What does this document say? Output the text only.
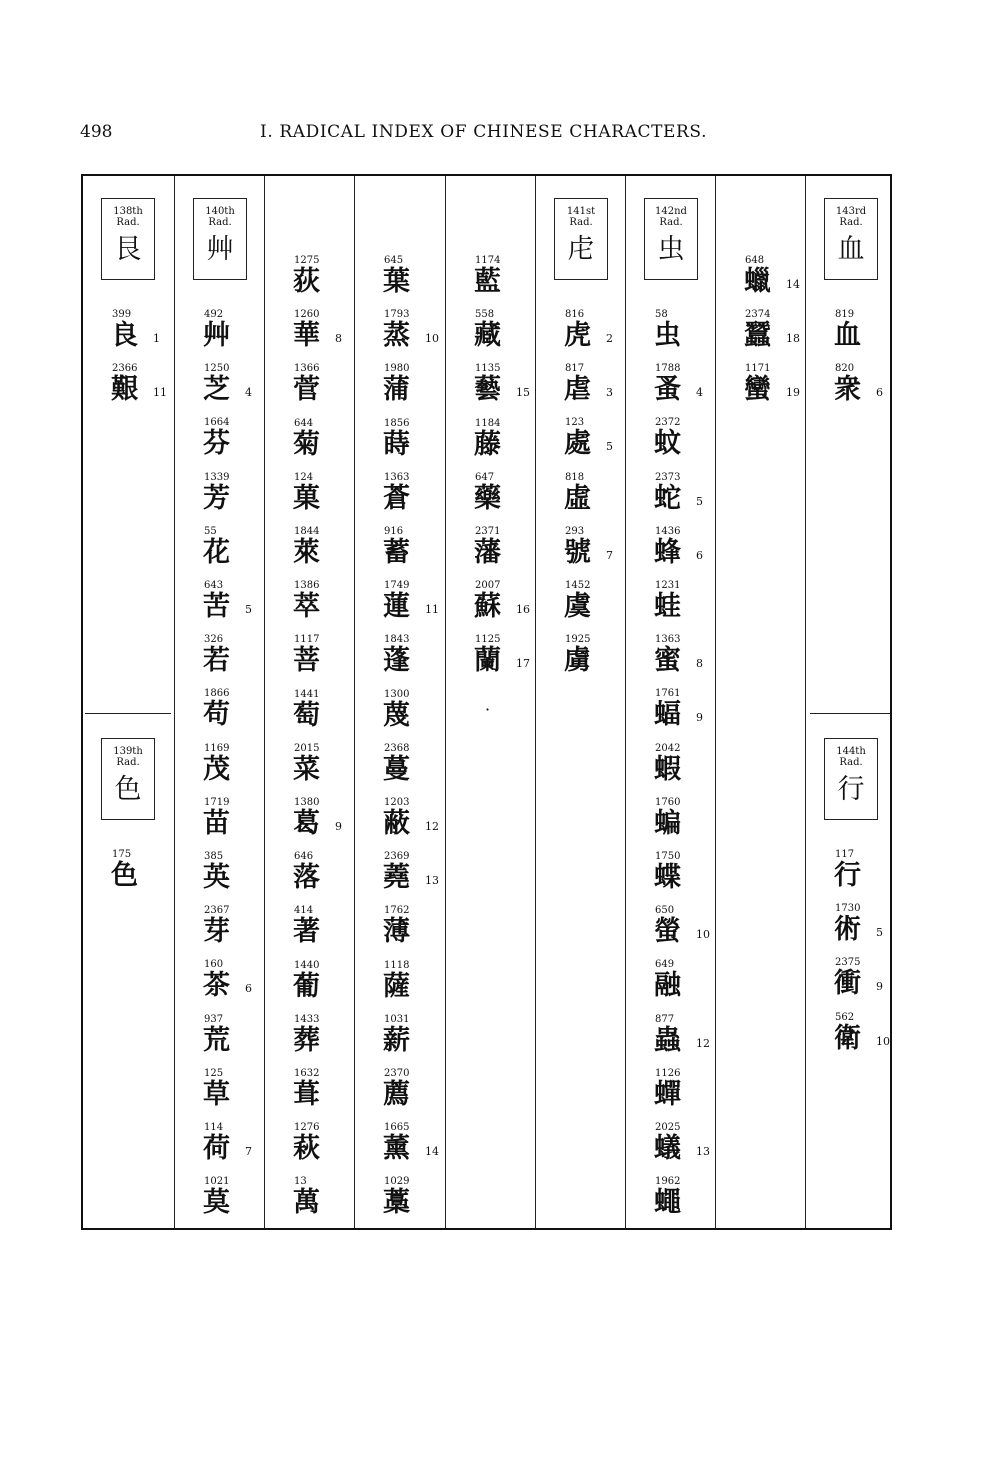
498	I. RADICAL INDEX OF CHINESE CHARACTERS.
138th
Rad.
艮
399
良 1
2366
艱 11
139th
Rad.
色
175
色
140th
Rad.
艸
492
艸
1250
芝 4
1664
芬
1339
芳
55
花
643
苦 5
326
若
1866
苟
1169
茂
1719
苗
385
英
2367
芽
160
茶 6
937
荒
125
草
114
荷 7
1021
莫
1275
荻
1260
華 8
1366
菅
644
菊
124
菓
1844
萊
1386
萃
1117
菩
1441
萄
2015
菜
1380
葛 9
646
落
414
著
1440
葡
1433
葬
1632
葺
1276
萩
13
萬
645
葉
1793
蒸 10
1980
蒲
1856
蒔
1363
蒼
916
蓄
1749
蓮 11
1843
蓬
1300
蔑
2368
蔓
1203
蔽 12
2369
蕘 13
1762
薄
1118
薩
1031
薪
2370
薦
1665
薰 14
1029
藁
1174
藍
558
藏
1135
藝 15
1184
藤
647
藥
2371
藩
2007
蘇 16
1125
蘭 17
141st
Rad.
虍
816
虎 2
817
虐 3
123
處 5
818
虛
293
號 7
1452
虞
1925
虜
142nd
Rad.
虫
58
虫
1788
蚤 4
2372
蚊
2373
蛇 5
1436
蜂 6
1231
蛙
1363
蜜 8
1761
蝠 9
2042
蝦
1760
蝙
1750
蝶
650
螢 10
649
融
877
蟲 12
1126
蟬
2025
蟻 13
1962
蠅
648
蠟 14
2374
蠶 18
1171
蠻 19
143rd
Rad.
血
819
血
820
衆 6
144th
Rad.
行
117
行
1730
術 5
2375
衝 9
562
衛 10
·
